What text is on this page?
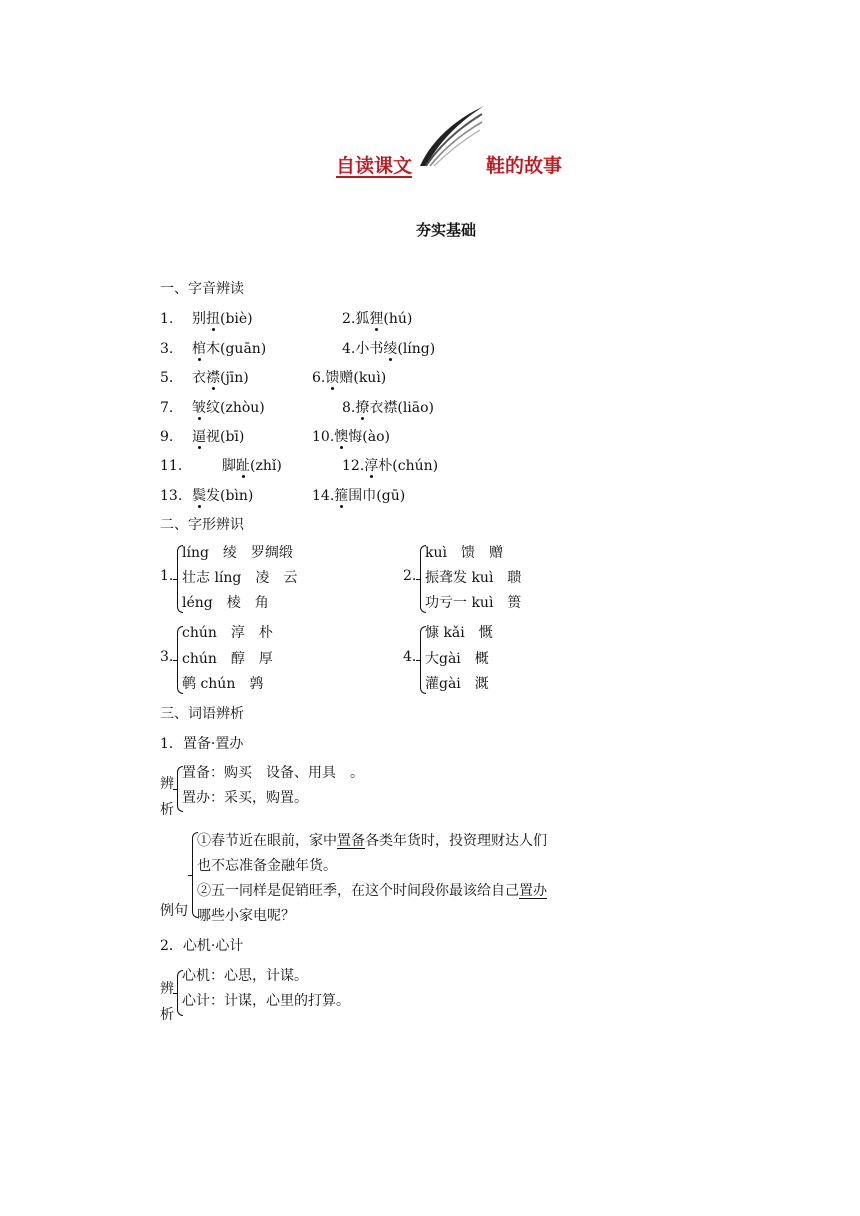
自读课文	鞋的故事
夯实基础
一、字音辨读
1. 别扭(biè)	2.狐狸(hú)
3. 棺木(guān)	4.小书绫(líng)
5. 衣襟(jīn)	6.馈赠(kuì)
7. 皱纹(zhòu)	8.撩衣襟(liāo)
9. 逼视(bī)	10.懊悔(ào)
11.	脚趾(zhǐ)	12.淳朴(chún)
13. 鬓发(bìn)	14.箍围巾(gū)
二、字形辨识
1.
líng　绫　罗绸缎
壮志 líng　凌　云
léng　棱　角
2.
kuì　馈　赠
振聋发 kuì　聩
功亏一 kuì　篑
3.
chún　淳　朴
chún　醇　厚
鹌 chún　鹑
4.
慷 kǎi　慨
大gài　概
灌gài　溉
三、词语辨析
1．置备·置办
辨
析
置备：购买　设备、用具　。
置办：采买，购置。
例句
①春节近在眼前，家中置备各类年货时，投资理财达人们
也不忘准备金融年货。
②五一同样是促销旺季，在这个时间段你最该给自己置办
哪些小家电呢？
2．心机·心计
辨
析
心机：心思，计谋。
心计：计谋，心里的打算。
